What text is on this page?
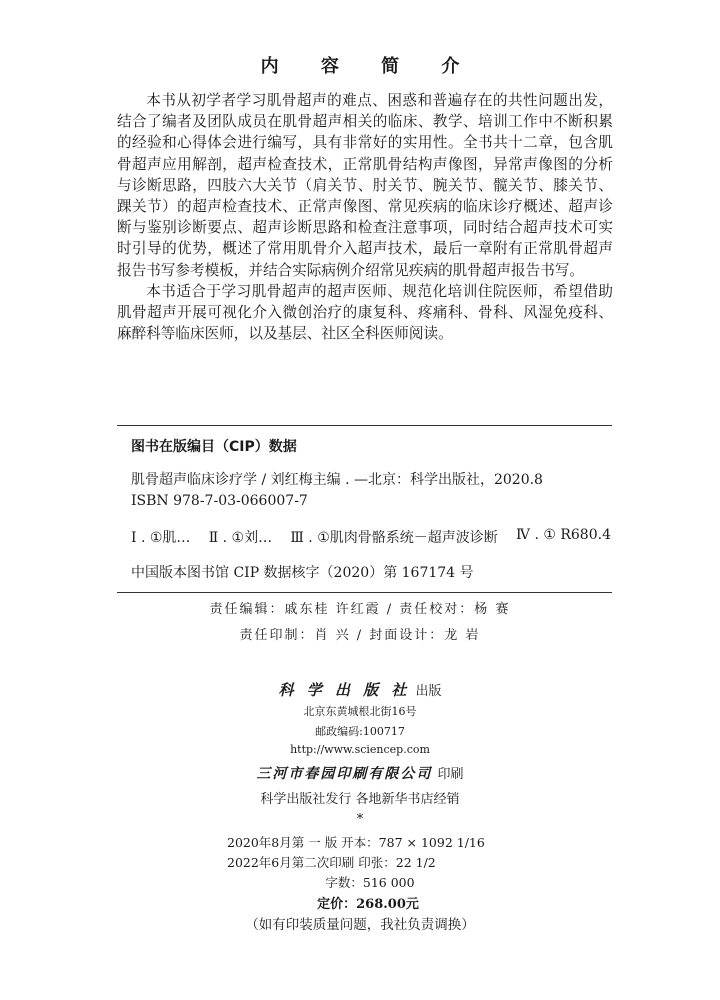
内 容 简 介

本书从初学者学习肌骨超声的难点、困惑和普遍存在的共性问题出发，结合了编者及团队成员在肌骨超声相关的临床、教学、培训工作中不断积累的经验和心得体会进行编写，具有非常好的实用性。全书共十二章，包含肌骨超声应用解剖，超声检查技术，正常肌骨结构声像图，异常声像图的分析与诊断思路，四肢六大关节（肩关节、肘关节、腕关节、髋关节、膝关节、踝关节）的超声检查技术、正常声像图、常见疾病的临床诊疗概述、超声诊断与鉴别诊断要点、超声诊断思路和检查注意事项，同时结合超声技术可实时引导的优势，概述了常用肌骨介入超声技术，最后一章附有正常肌骨超声报告书写参考模板，并结合实际病例介绍常见疾病的肌骨超声报告书写。

本书适合于学习肌骨超声的超声医师、规范化培训住院医师，希望借助肌骨超声开展可视化介入微创治疗的康复科、疼痛科、骨科、风湿免疫科、麻醉科等临床医师，以及基层、社区全科医师阅读。

图书在版编目（CIP）数据
肌骨超声临床诊疗学 / 刘红梅主编 . —北京：科学出版社，2020.8
ISBN 978-7-03-066007-7
Ⅰ . ①肌… Ⅱ . ①刘… Ⅲ . ①肌肉骨骼系统－超声波诊断 Ⅳ . ① R680.4
中国版本图书馆 CIP 数据核字（2020）第 167174 号
责任编辑：戚东桂 许红霞 / 责任校对：杨 赛
责任印制：肖 兴 / 封面设计：龙 岩
科 学 出 版 社 出版
北京东黄城根北街16号
邮政编码:100717
http://www.sciencep.com
三河市春园印刷有限公司 印刷
科学出版社发行 各地新华书店经销
*
2020年8月第 一 版 开本：787 × 1092 1/16
2022年6月第二次印刷 印张：22 1/2
字数：516 000
定价：268.00元
（如有印装质量问题，我社负责调换）
